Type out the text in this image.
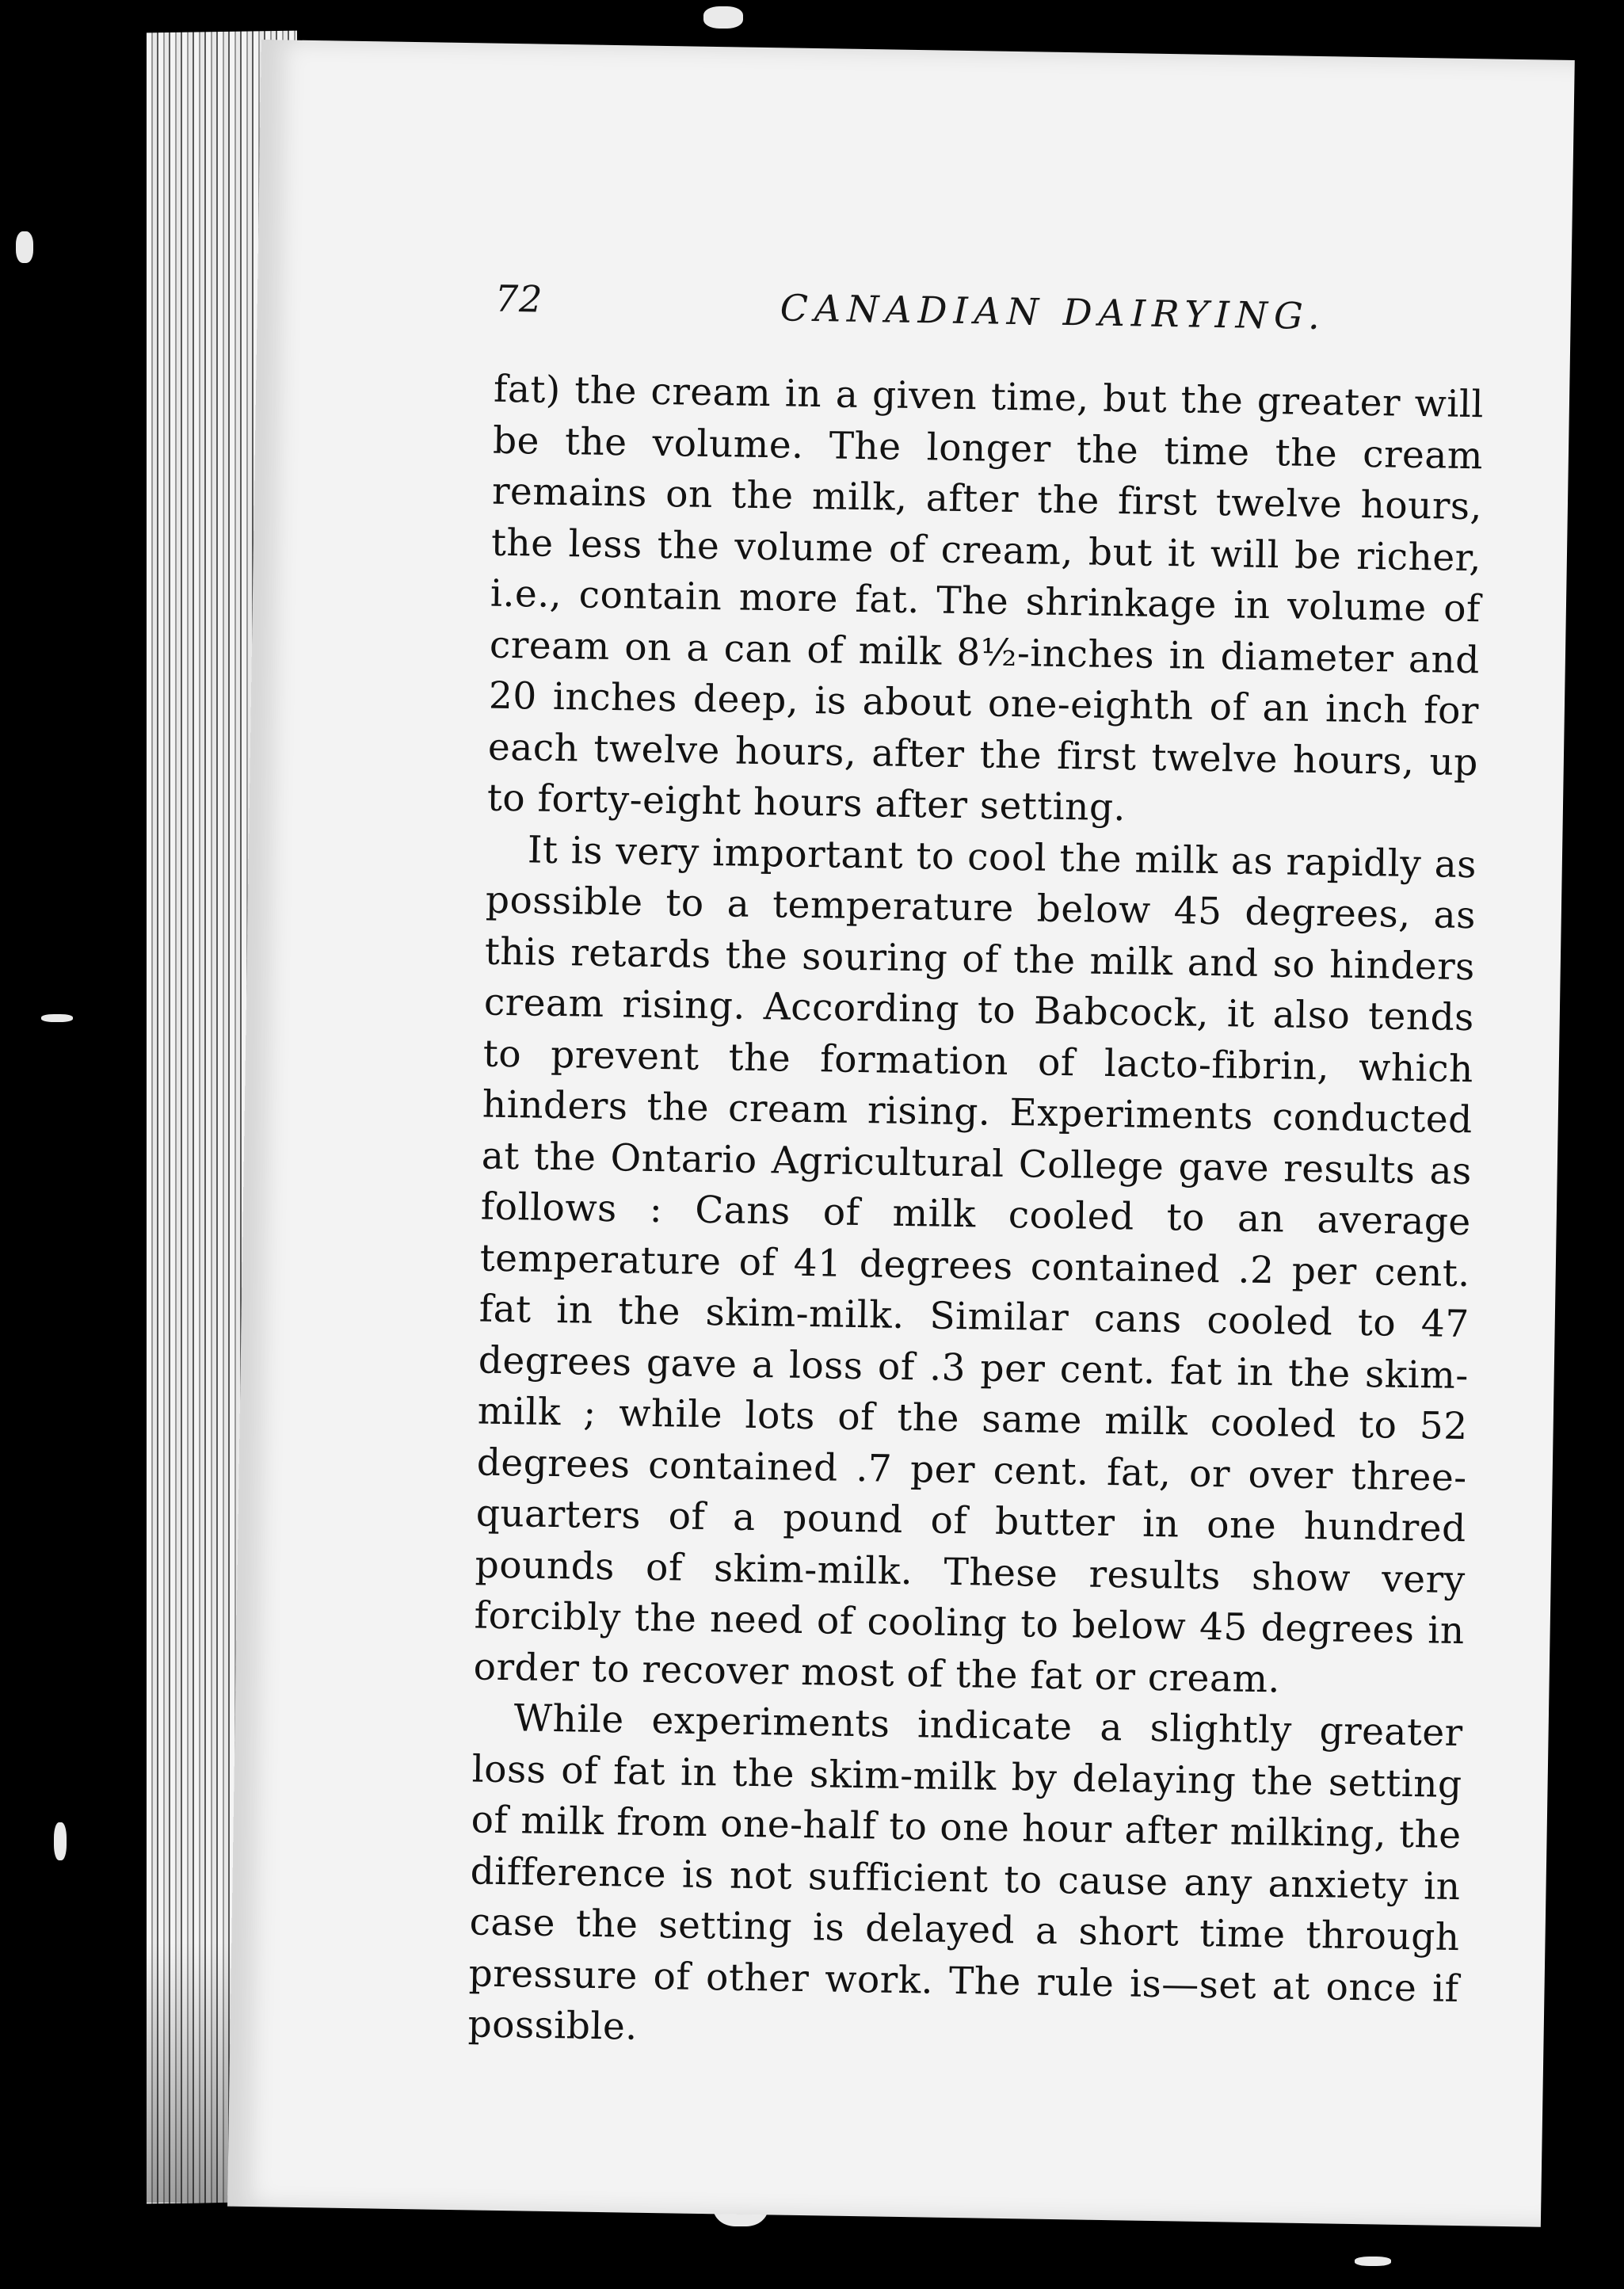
72	CANADIAN DAIRYING.

fat) the cream in a given time, but the greater will be the volume. The longer the time the cream remains on the milk, after the first twelve hours, the less the volume of cream, but it will be richer, i.e., contain more fat. The shrinkage in volume of cream on a can of milk 8½-inches in diameter and 20 inches deep, is about one-eighth of an inch for each twelve hours, after the first twelve hours, up to forty-eight hours after setting.

It is very important to cool the milk as rapidly as possible to a temperature below 45 degrees, as this retards the souring of the milk and so hinders cream rising. According to Babcock, it also tends to prevent the formation of lacto-fibrin, which hinders the cream rising. Experiments conducted at the Ontario Agricultural College gave results as follows : Cans of milk cooled to an average temperature of 41 degrees contained .2 per cent. fat in the skim-milk. Similar cans cooled to 47 degrees gave a loss of .3 per cent. fat in the skim-milk ; while lots of the same milk cooled to 52 degrees contained .7 per cent. fat, or over three-quarters of a pound of butter in one hundred pounds of skim-milk. These results show very forcibly the need of cooling to below 45 degrees in order to recover most of the fat or cream.

While experiments indicate a slightly greater loss of fat in the skim-milk by delaying the setting of milk from one-half to one hour after milking, the difference is not sufficient to cause any anxiety in case the setting is delayed a short time through pressure of other work. The rule is—set at once if possible.
